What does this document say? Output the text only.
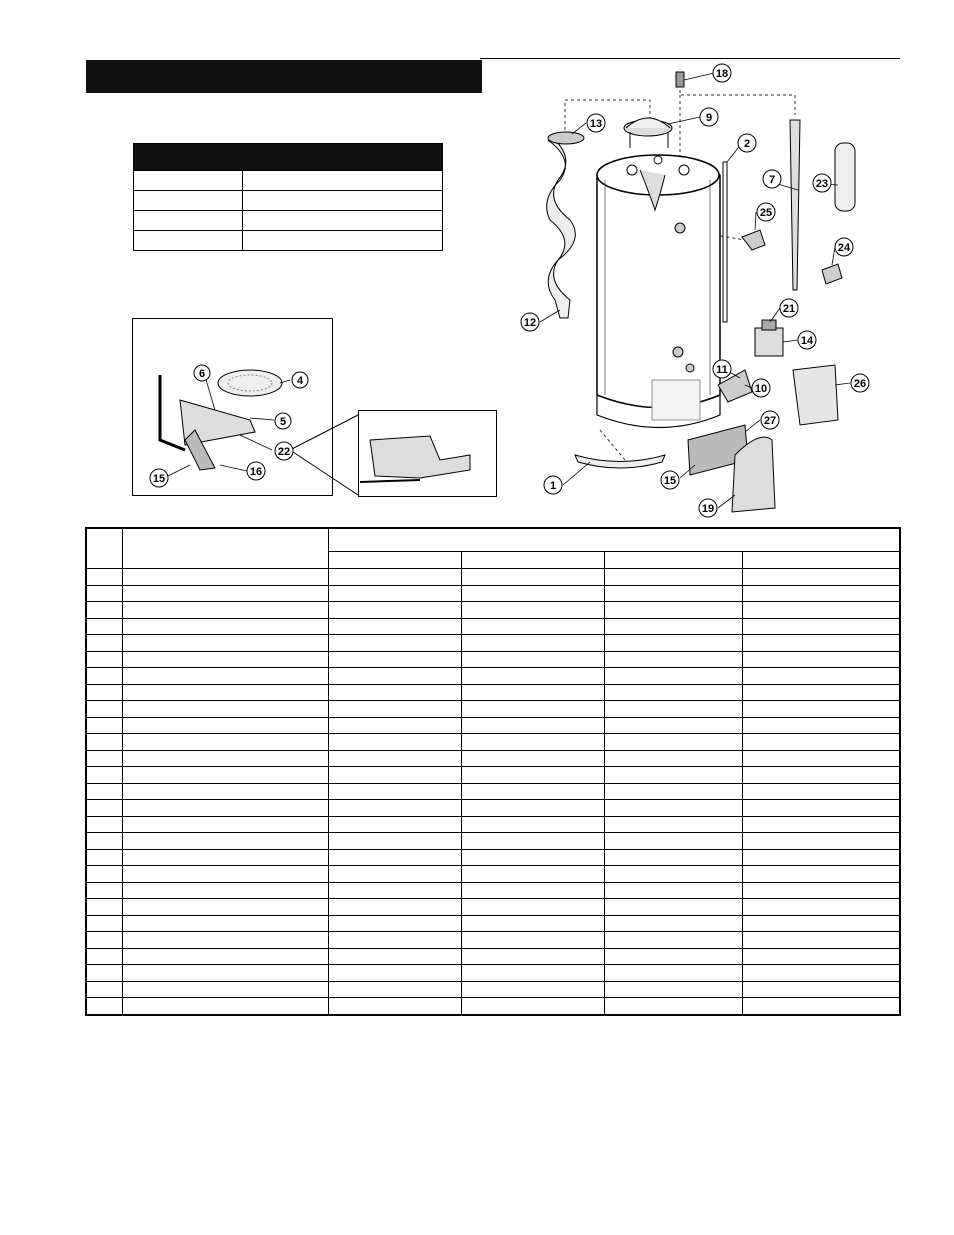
18
13	9
2
7	23
25
24
12
21
14
11
10	26
27
1	15
19
6
4
5
22
15
16
